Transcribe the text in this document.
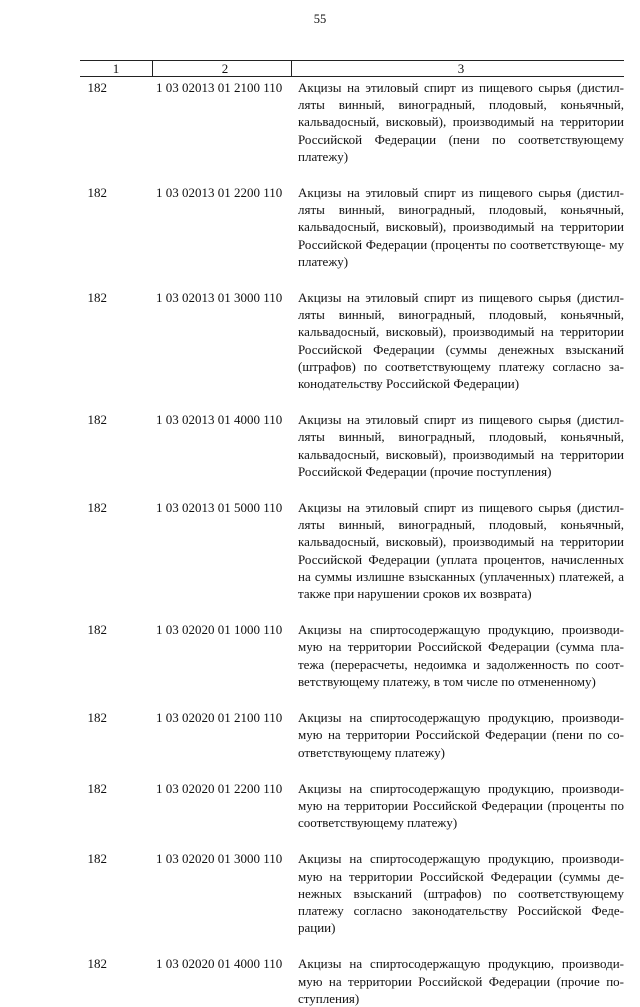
55
1	2	3
182	1 03 02013 01 2100 110	Акцизы на этиловый спирт из пищевого сырья (дистил- ляты винный, виноградный, плодовый, коньячный, кальвадосный, висковый), производимый на территории Российской Федерации (пени по соответствующему платежу)
182	1 03 02013 01 2200 110	Акцизы на этиловый спирт из пищевого сырья (дистил- ляты винный, виноградный, плодовый, коньячный, кальвадосный, висковый), производимый на территории Российской Федерации (проценты по соответствующе- му платежу)
182	1 03 02013 01 3000 110	Акцизы на этиловый спирт из пищевого сырья (дистил- ляты винный, виноградный, плодовый, коньячный, кальвадосный, висковый), производимый на территории Российской Федерации (суммы денежных взысканий (штрафов) по соответствующему платежу согласно за- конодательству Российской Федерации)
182	1 03 02013 01 4000 110	Акцизы на этиловый спирт из пищевого сырья (дистил- ляты винный, виноградный, плодовый, коньячный, кальвадосный, висковый), производимый на территории Российской Федерации (прочие поступления)
182	1 03 02013 01 5000 110	Акцизы на этиловый спирт из пищевого сырья (дистил- ляты винный, виноградный, плодовый, коньячный, кальвадосный, висковый), производимый на территории Российской Федерации (уплата процентов, начисленных на суммы излишне взысканных (уплаченных) платежей, а также при нарушении сроков их возврата)
182	1 03 02020 01 1000 110	Акцизы на спиртосодержащую продукцию, производи- мую на территории Российской Федерации (сумма пла- тежа (перерасчеты, недоимка и задолженность по соот- ветствующему платежу, в том числе по отмененному)
182	1 03 02020 01 2100 110	Акцизы на спиртосодержащую продукцию, производи- мую на территории Российской Федерации (пени по со- ответствующему платежу)
182	1 03 02020 01 2200 110	Акцизы на спиртосодержащую продукцию, производи- мую на территории Российской Федерации (проценты по соответствующему платежу)
182	1 03 02020 01 3000 110	Акцизы на спиртосодержащую продукцию, производи- мую на территории Российской Федерации (суммы де- нежных взысканий (штрафов) по соответствующему платежу согласно законодательству Российской Феде- рации)
182	1 03 02020 01 4000 110	Акцизы на спиртосодержащую продукцию, производи- мую на территории Российской Федерации (прочие по- ступления)
